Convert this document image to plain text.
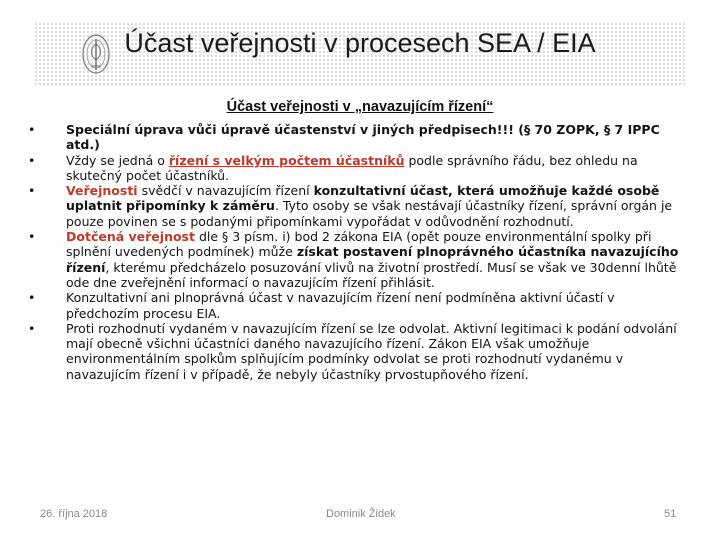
Účast veřejnosti v procesech SEA / EIA
Účast veřejnosti v „navazujícím řízení“
• Speciální úprava vůči úpravě účastenství v jiných předpisech!!! (§ 70 ZOPK, § 7 IPPC atd.)
• Vždy se jedná o řízení s velkým počtem účastníků podle správního řádu, bez ohledu na skutečný počet účastníků.
• Veřejnosti svědčí v navazujícím řízení konzultativní účast, která umožňuje každé osobě uplatnit připomínky k záměru. Tyto osoby se však nestávají účastníky řízení, správní orgán je pouze povinen se s podanými připomínkami vypořádat v odůvodnění rozhodnutí.
• Dotčená veřejnost dle § 3 písm. i) bod 2 zákona EIA (opět pouze environmentální spolky při splnění uvedených podmínek) může získat postavení plnoprávného účastníka navazujícího řízení, kterému předcházelo posuzování vlivů na životní prostředí. Musí se však ve 30denní lhůtě ode dne zveřejnění informací o navazujícím řízení přihlásit.
• Konzultativní ani plnoprávná účast v navazujícím řízení není podmíněna aktivní účastí v předchozím procesu EIA.
• Proti rozhodnutí vydaném v navazujícím řízení se lze odvolat. Aktivní legitimaci k podání odvolání mají obecně všichni účastníci daného navazujícího řízení. Zákon EIA však umožňuje environmentálním spolkům splňujícím podmínky odvolat se proti rozhodnutí vydanému v navazujícím řízení i v případě, že nebyly účastníky prvostupňového řízení.
26. října 2018	Dominik Židek	51
